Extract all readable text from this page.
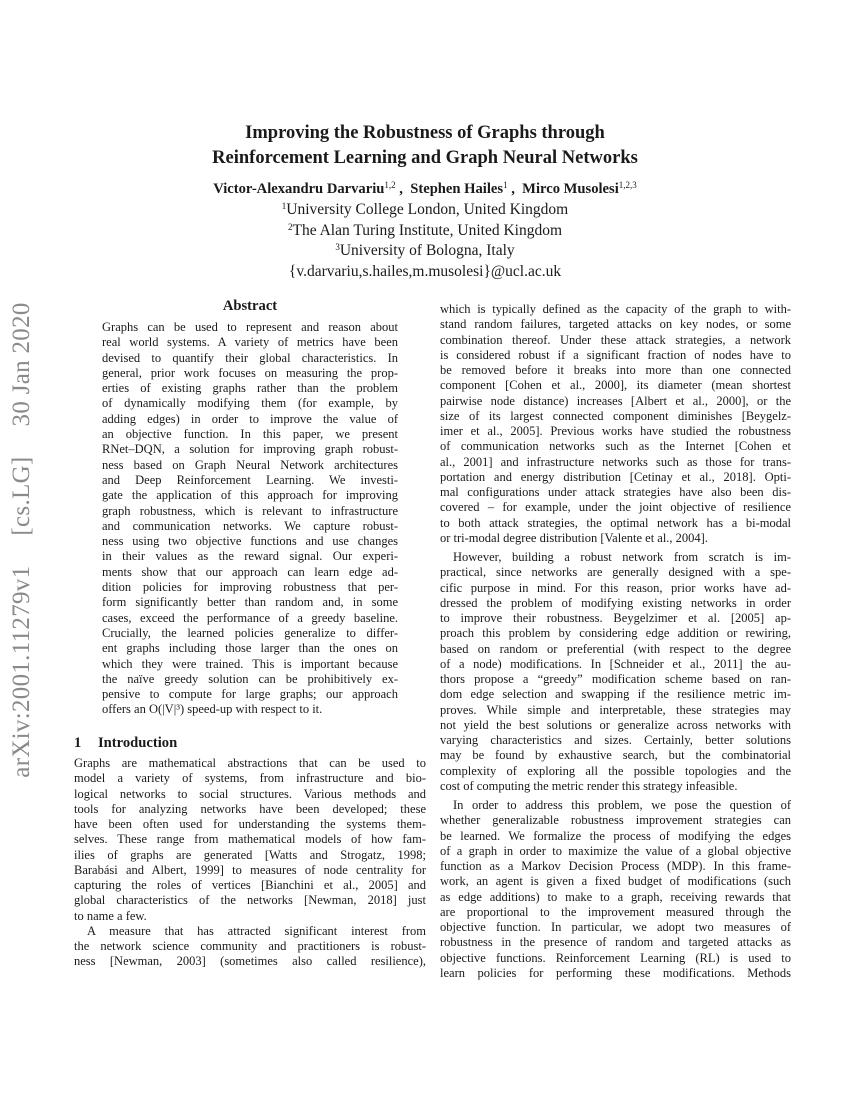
arXiv:2001.11279v1[cs.LG]30 Jan 2020
Improving the Robustness of Graphs through
Reinforcement Learning and Graph Neural Networks
Victor-Alexandru Darvariu$^{1,2}$ ,  Stephen Hailes$^1$ ,  Mirco Musolesi$^{1,2,3}$
$^1$University College London, United Kingdom
$^2$The Alan Turing Institute, United Kingdom
$^3$University of Bologna, Italy
{v.darvariu,s.hailes,m.musolesi}@ucl.ac.uk
Abstract
Graphs can be used to represent and reason about
real world systems. A variety of metrics have been
devised to quantify their global characteristics. In
general, prior work focuses on measuring the prop-
erties of existing graphs rather than the problem
of dynamically modifying them (for example, by
adding edges) in order to improve the value of
an objective function. In this paper, we present
RNet–DQN, a solution for improving graph robust-
ness based on Graph Neural Network architectures
and Deep Reinforcement Learning. We investi-
gate the application of this approach for improving
graph robustness, which is relevant to infrastructure
and communication networks. We capture robust-
ness using two objective functions and use changes
in their values as the reward signal. Our experi-
ments show that our approach can learn edge ad-
dition policies for improving robustness that per-
form significantly better than random and, in some
cases, exceed the performance of a greedy baseline.
Crucially, the learned policies generalize to differ-
ent graphs including those larger than the ones on
which they were trained. This is important because
the naïve greedy solution can be prohibitively ex-
pensive to compute for large graphs; our approach
offers an O(|V|³) speed-up with respect to it.
1 Introduction
Graphs are mathematical abstractions that can be used to
model a variety of systems, from infrastructure and bio-
logical networks to social structures. Various methods and
tools for analyzing networks have been developed; these
have been often used for understanding the systems them-
selves. These range from mathematical models of how fam-
ilies of graphs are generated [Watts and Strogatz, 1998;
Barabási and Albert, 1999] to measures of node centrality for
capturing the roles of vertices [Bianchini et al., 2005] and
global characteristics of the networks [Newman, 2018] just
to name a few.
A measure that has attracted significant interest from
the network science community and practitioners is robust-
ness [Newman, 2003] (sometimes also called resilience),
which is typically defined as the capacity of the graph to with-
stand random failures, targeted attacks on key nodes, or some
combination thereof. Under these attack strategies, a network
is considered robust if a significant fraction of nodes have to
be removed before it breaks into more than one connected
component [Cohen et al., 2000], its diameter (mean shortest
pairwise node distance) increases [Albert et al., 2000], or the
size of its largest connected component diminishes [Beygelz-
imer et al., 2005]. Previous works have studied the robustness
of communication networks such as the Internet [Cohen et
al., 2001] and infrastructure networks such as those for trans-
portation and energy distribution [Cetinay et al., 2018]. Opti-
mal configurations under attack strategies have also been dis-
covered – for example, under the joint objective of resilience
to both attack strategies, the optimal network has a bi-modal
or tri-modal degree distribution [Valente et al., 2004].
However, building a robust network from scratch is im-
practical, since networks are generally designed with a spe-
cific purpose in mind. For this reason, prior works have ad-
dressed the problem of modifying existing networks in order
to improve their robustness. Beygelzimer et al. [2005] ap-
proach this problem by considering edge addition or rewiring,
based on random or preferential (with respect to the degree
of a node) modifications. In [Schneider et al., 2011] the au-
thors propose a “greedy” modification scheme based on ran-
dom edge selection and swapping if the resilience metric im-
proves. While simple and interpretable, these strategies may
not yield the best solutions or generalize across networks with
varying characteristics and sizes. Certainly, better solutions
may be found by exhaustive search, but the combinatorial
complexity of exploring all the possible topologies and the
cost of computing the metric render this strategy infeasible.
In order to address this problem, we pose the question of
whether generalizable robustness improvement strategies can
be learned. We formalize the process of modifying the edges
of a graph in order to maximize the value of a global objective
function as a Markov Decision Process (MDP). In this frame-
work, an agent is given a fixed budget of modifications (such
as edge additions) to make to a graph, receiving rewards that
are proportional to the improvement measured through the
objective function. In particular, we adopt two measures of
robustness in the presence of random and targeted attacks as
objective functions. Reinforcement Learning (RL) is used to
learn policies for performing these modifications. Methods
